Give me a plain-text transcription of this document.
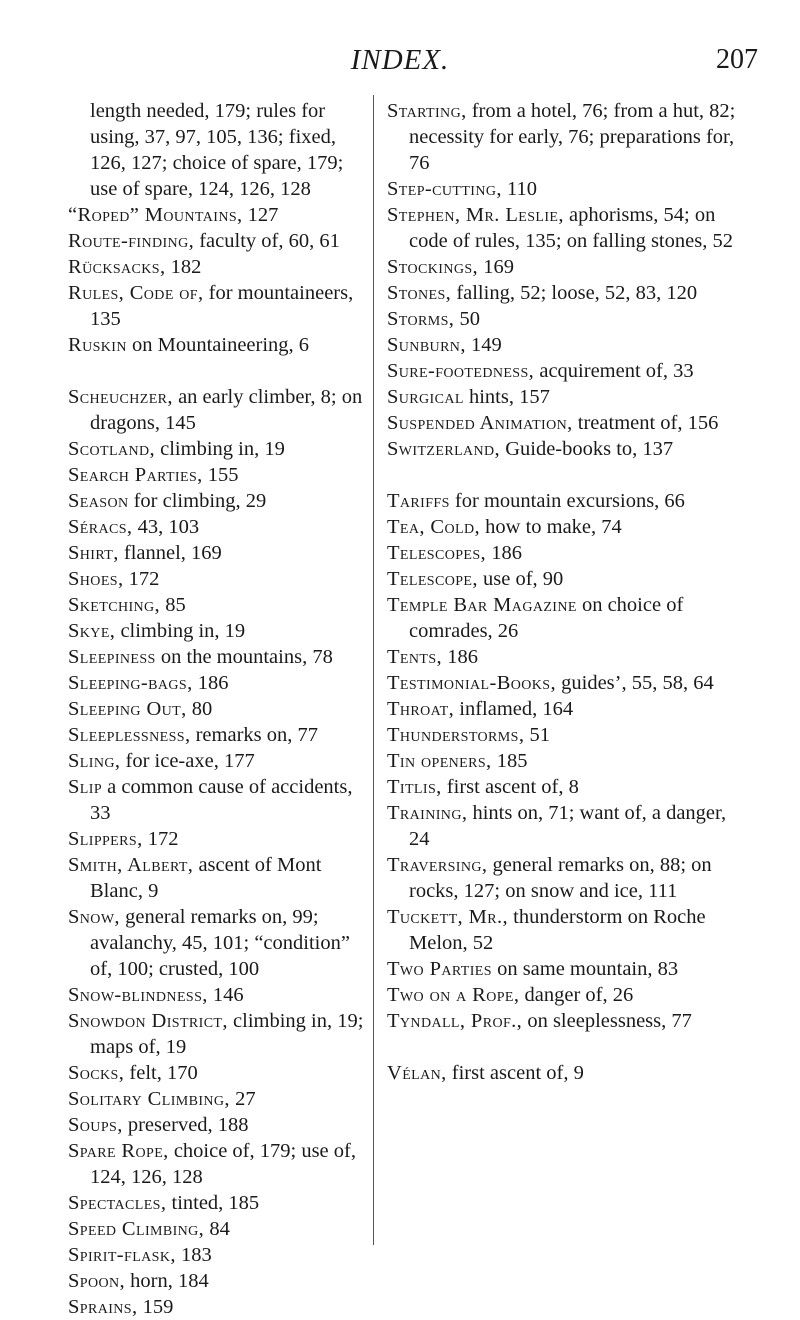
INDEX.	207
length needed, 179; rules for using, 37, 97, 105, 136; fixed, 126, 127; choice of spare, 179; use of spare, 124, 126, 128
“Roped” Mountains, 127
Route-finding, faculty of, 60, 61
Rücksacks, 182
Rules, Code of, for mountaineers, 135
Ruskin on Mountaineering, 6
Scheuchzer, an early climber, 8; on dragons, 145
Scotland, climbing in, 19
Search Parties, 155
Season for climbing, 29
Séracs, 43, 103
Shirt, flannel, 169
Shoes, 172
Sketching, 85
Skye, climbing in, 19
Sleepiness on the mountains, 78
Sleeping-bags, 186
Sleeping Out, 80
Sleeplessness, remarks on, 77
Sling, for ice-axe, 177
Slip a common cause of accidents, 33
Slippers, 172
Smith, Albert, ascent of Mont Blanc, 9
Snow, general remarks on, 99; avalanchy, 45, 101; “condition” of, 100; crusted, 100
Snow-blindness, 146
Snowdon District, climbing in, 19; maps of, 19
Socks, felt, 170
Solitary Climbing, 27
Soups, preserved, 188
Spare Rope, choice of, 179; use of, 124, 126, 128
Spectacles, tinted, 185
Speed Climbing, 84
Spirit-flask, 183
Spoon, horn, 184
Sprains, 159
Starting, from a hotel, 76; from a hut, 82; necessity for early, 76; preparations for, 76
Step-cutting, 110
Stephen, Mr. Leslie, aphorisms, 54; on code of rules, 135; on falling stones, 52
Stockings, 169
Stones, falling, 52; loose, 52, 83, 120
Storms, 50
Sunburn, 149
Sure-footedness, acquirement of, 33
Surgical hints, 157
Suspended Animation, treatment of, 156
Switzerland, Guide-books to, 137
Tariffs for mountain excursions, 66
Tea, Cold, how to make, 74
Telescopes, 186
Telescope, use of, 90
Temple Bar Magazine on choice of comrades, 26
Tents, 186
Testimonial-Books, guides’, 55, 58, 64
Throat, inflamed, 164
Thunderstorms, 51
Tin openers, 185
Titlis, first ascent of, 8
Training, hints on, 71; want of, a danger, 24
Traversing, general remarks on, 88; on rocks, 127; on snow and ice, 111
Tuckett, Mr., thunderstorm on Roche Melon, 52
Two Parties on same mountain, 83
Two on a Rope, danger of, 26
Tyndall, Prof., on sleeplessness, 77
Vélan, first ascent of, 9
